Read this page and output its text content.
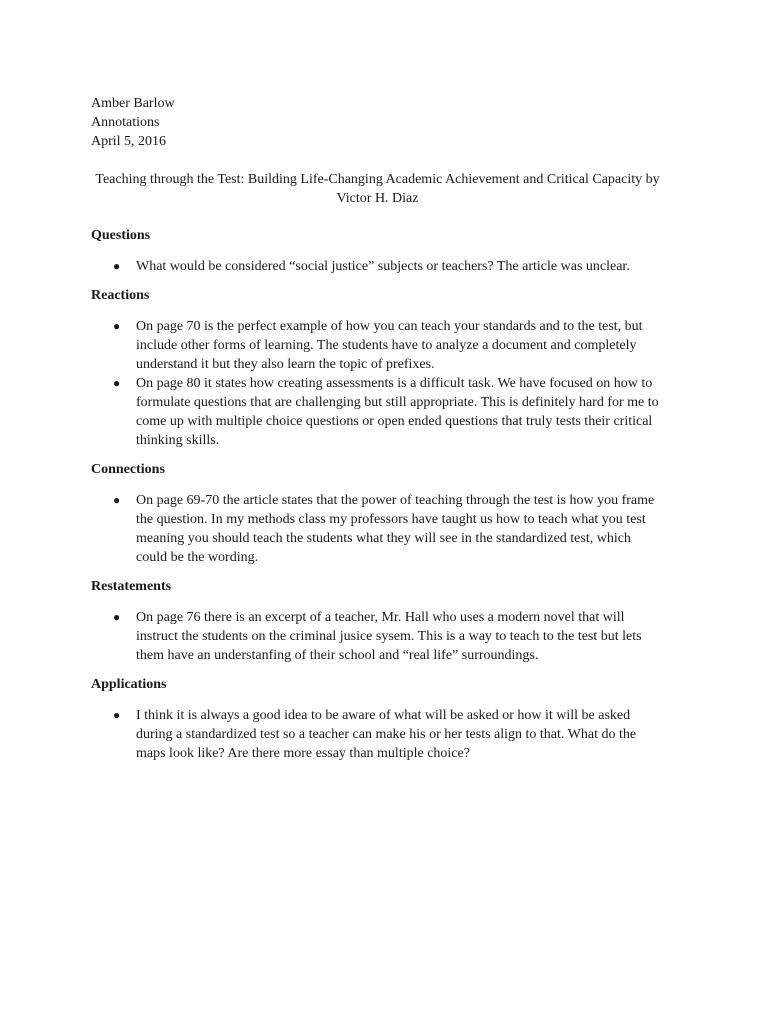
Amber Barlow
Annotations
April 5, 2016
Teaching through the Test: Building Life-Changing Academic Achievement and Critical Capacity by Victor H. Diaz
Questions
● What would be considered “social justice” subjects or teachers? The article was unclear.
Reactions
● On page 70 is the perfect example of how you can teach your standards and to the test, but include other forms of learning. The students have to analyze a document and completely understand it but they also learn the topic of prefixes.
● On page 80 it states how creating assessments is a difficult task. We have focused on how to formulate questions that are challenging but still appropriate. This is definitely hard for me to come up with multiple choice questions or open ended questions that truly tests their critical thinking skills.
Connections
● On page 69-70 the article states that the power of teaching through the test is how you frame the question. In my methods class my professors have taught us how to teach what you test meaning you should teach the students what they will see in the standardized test, which could be the wording.
Restatements
● On page 76 there is an excerpt of a teacher, Mr. Hall who uses a modern novel that will instruct the students on the criminal jusice sysem. This is a way to teach to the test but lets them have an understanfing of their school and “real life” surroundings.
Applications
● I think it is always a good idea to be aware of what will be asked or how it will be asked during a standardized test so a teacher can make his or her tests align to that. What do the maps look like? Are there more essay than multiple choice?
